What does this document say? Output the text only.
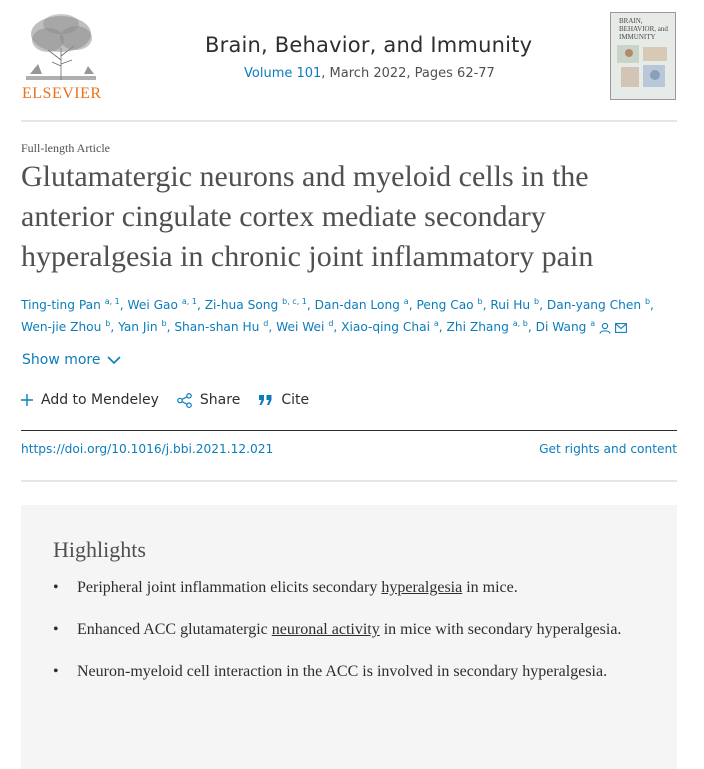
ELSEVIER
Brain, Behavior, and Immunity
Volume 101, March 2022, Pages 62-77
BRAIN, BEHAVIOR, and IMMUNITY
Full-length Article
Glutamatergic neurons and myeloid cells in the anterior cingulate cortex mediate secondary hyperalgesia in chronic joint inflammatory pain
Ting-ting Pan $^{a, 1}$, Wei Gao $^{a, 1}$, Zi-hua Song $^{b, c, 1}$, Dan-dan Long $^a$, Peng Cao $^b$, Rui Hu $^b$, Dan-yang Chen $^b$, Wen-jie Zhou $^b$, Yan Jin $^b$, Shan-shan Hu $^d$, Wei Wei $^d$, Xiao-qing Chai $^a$, Zhi Zhang $^{a, b}$, Di Wang $^a$
Show more
Add to Mendeley	Share	Cite
https://doi.org/10.1016/j.bbi.2021.12.021	Get rights and content
Highlights
• Peripheral joint inflammation elicits secondary hyperalgesia in mice.
• Enhanced ACC glutamatergic neuronal activity in mice with secondary hyperalgesia.
• Neuron-myeloid cell interaction in the ACC is involved in secondary hyperalgesia.
